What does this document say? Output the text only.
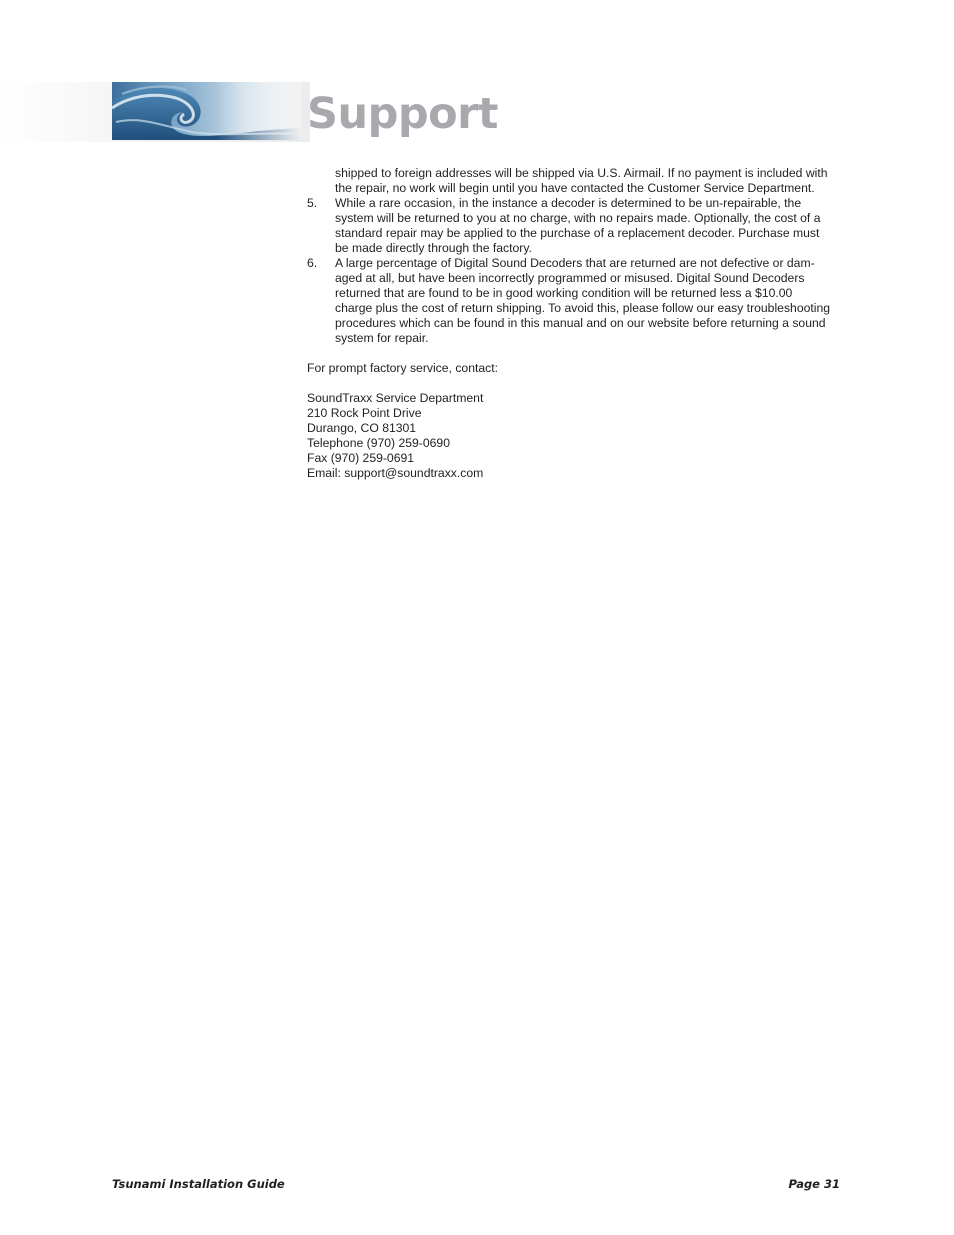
Support

shipped to foreign addresses will be shipped via U.S. Airmail. If no payment is included with
the repair, no work will begin until you have contacted the Customer Service Department.

5.	While a rare occasion, in the instance a decoder is determined to be un-repairable, the
system will be returned to you at no charge, with no repairs made. Optionally, the cost of a
standard repair may be applied to the purchase of a replacement decoder. Purchase must
be made directly through the factory.
6.	A large percentage of Digital Sound Decoders that are returned are not defective or dam-
aged at all, but have been incorrectly programmed or misused. Digital Sound Decoders
returned that are found to be in good working condition will be returned less a $10.00
charge plus the cost of return shipping. To avoid this, please follow our easy troubleshooting
procedures which can be found in this manual and on our website before returning a sound
system for repair.

For prompt factory service, contact:

SoundTraxx Service Department
210 Rock Point Drive
Durango, CO 81301
Telephone (970) 259-0690
Fax (970) 259-0691
Email: support@soundtraxx.com
Tsunami Installation Guide	Page 31
